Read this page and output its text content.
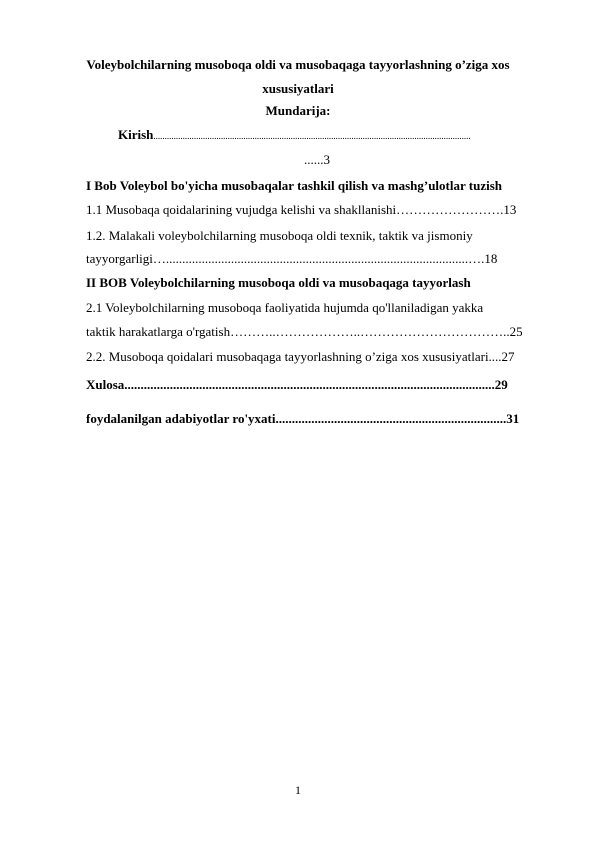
Voleybolchilarning musoboqa oldi va musobaqaga tayyorlashning o’ziga xos
xususiyatlari
Mundarija:
Kirish.............................................................................................................................................
......3
I Bob Voleybol bo'yicha musobaqalar tashkil qilish va mashg’ulotlar tuzish
1.1 Musobaqa qoidalarining vujudga kelishi va shakllanishi…………………….13
1.2. Malakali voleybolchilarning musoboqa oldi texnik, taktik va jismoniy
tayyorgarligi….............................................................................................….18
II BOB Voleybolchilarning musoboqa oldi va musobaqaga tayyorlash
2.1 Voleybolchilarning musoboqa faoliyatida hujumda qo'llaniladigan yakka
taktik harakatlarga o'rgatish………..………………..……………………………..25
2.2. Musoboqa qoidalari musobaqaga tayyorlashning o’ziga xos xususiyatlari....27
Xulosa..................................................................................................................29
foydalanilgan adabiyotlar ro'yxati.......................................................................31
1
